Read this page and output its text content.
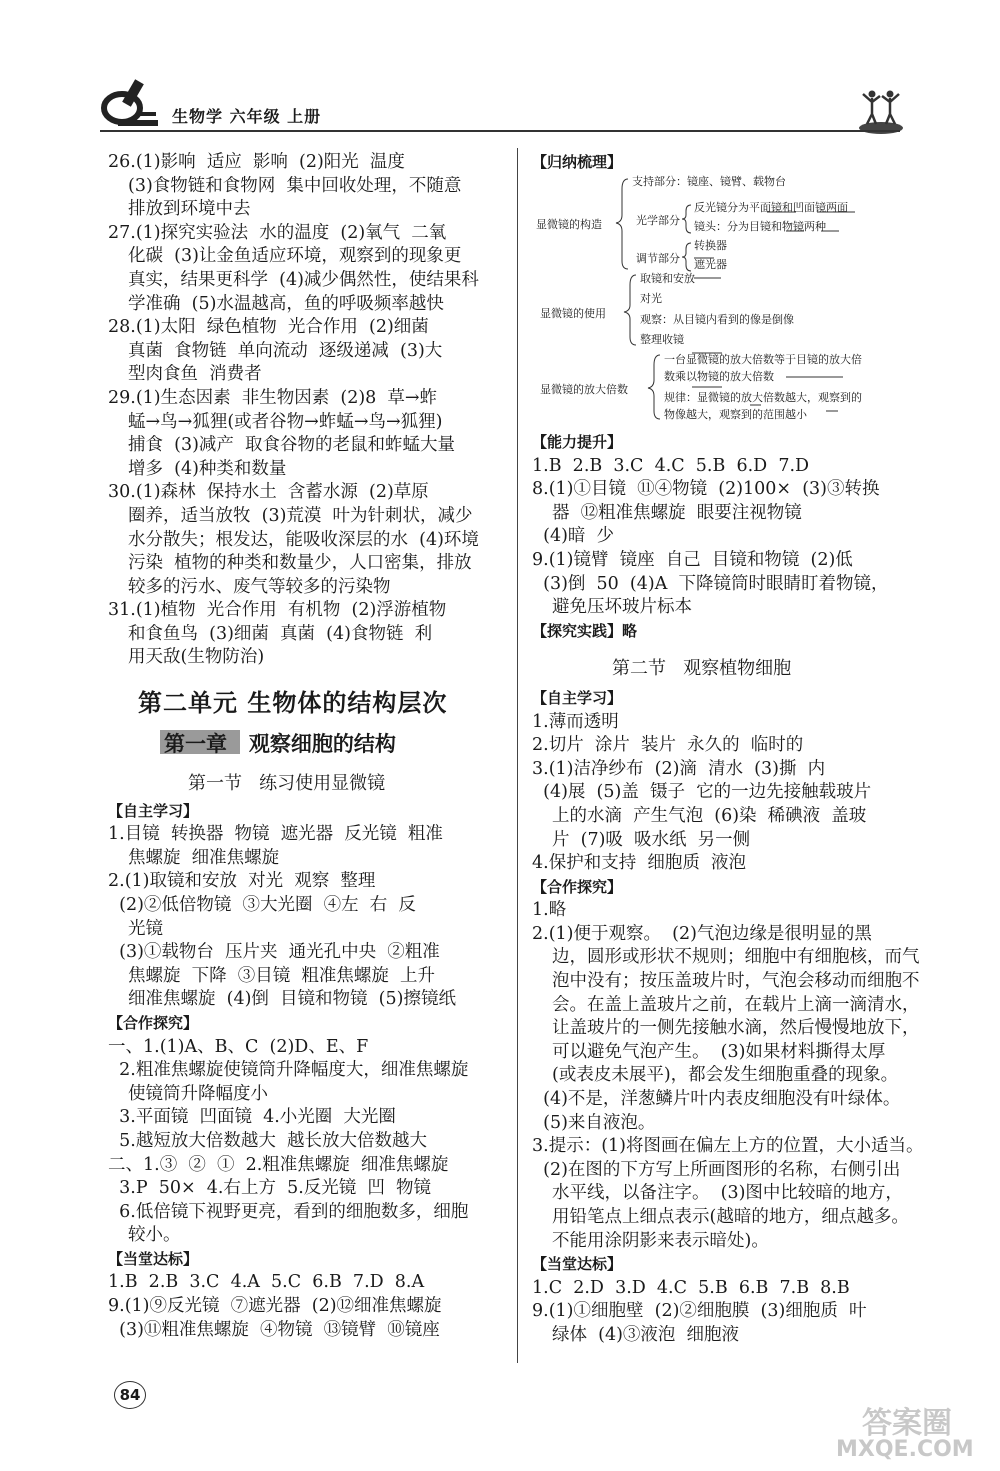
生物学 六年级 上册

26.(1)影响  适应  影响  (2)阳光  温度

(3)食物链和食物网  集中回收处理，不随意

排放到环境中去

27.(1)探究实验法  水的温度  (2)氧气  二氧

化碳  (3)让金鱼适应环境，观察到的现象更

真实，结果更科学  (4)减少偶然性，使结果科

学准确  (5)水温越高，鱼的呼吸频率越快

28.(1)太阳  绿色植物  光合作用  (2)细菌

真菌  食物链  单向流动  逐级递减  (3)大

型肉食鱼  消费者

29.(1)生态因素  非生物因素  (2)8  草→蚱

蜢→鸟→狐狸(或者谷物→蚱蜢→鸟→狐狸)

捕食  (3)减产  取食谷物的老鼠和蚱蜢大量

增多  (4)种类和数量

30.(1)森林  保持水土  含蓄水源  (2)草原

圈养，适当放牧  (3)荒漠  叶为针刺状，减少

水分散失；根发达，能吸收深层的水  (4)环境

污染  植物的种类和数量少，人口密集，排放

较多的污水、废气等较多的污染物

31.(1)植物  光合作用  有机物  (2)浮游植物

和食鱼鸟  (3)细菌  真菌  (4)食物链  利

用天敌(生物防治)

第二单元 生物体的结构层次
第一章   观察细胞的结构

第一节   练习使用显微镜

【自主学习】

1.目镜  转换器  物镜  遮光器  反光镜  粗准

焦螺旋  细准焦螺旋

2.(1)取镜和安放  对光  观察  整理

(2)②低倍物镜  ③大光圈  ④左  右  反

光镜

(3)①载物台  压片夹  通光孔中央  ②粗准

焦螺旋  下降  ③目镜  粗准焦螺旋  上升

细准焦螺旋  (4)倒  目镜和物镜  (5)擦镜纸

【合作探究】

一、1.(1)A、B、C  (2)D、E、F

2.粗准焦螺旋使镜筒升降幅度大，细准焦螺旋

使镜筒升降幅度小

3.平面镜  凹面镜  4.小光圈  大光圈

5.越短放大倍数越大  越长放大倍数越大

二、1.③  ②  ①  2.粗准焦螺旋  细准焦螺旋

3.P  50×  4.右上方  5.反光镜  凹  物镜

6.低倍镜下视野更亮，看到的细胞数多，细胞

较小。

【当堂达标】

1.B  2.B  3.C  4.A  5.C  6.B  7.D  8.A

9.(1)⑨反光镜  ⑦遮光器  (2)⑫细准焦螺旋

(3)⑪粗准焦螺旋  ④物镜  ⑬镜臂  ⑩镜座

【归纳梳理】

显微镜的构造
支持部分：镜座、镜臂、载物台
光学部分
反光镜分为平面镜和凹面镜两面
镜头：分为目镜和物镜两种
调节部分
转换器
遮光器
显微镜的使用
取镜和安放
对光
观察：从目镜内看到的像是倒像
整理收镜
显微镜的放大倍数
一台显微镜的放大倍数等于目镜的放大倍
数乘以物镜的放大倍数
规律：显微镜的放大倍数越大，观察到的
物像越大，观察到的范围越小

【能力提升】

1.B  2.B  3.C  4.C  5.B  6.D  7.D

8.(1)①目镜  ⑪④物镜  (2)100×  (3)③转换

器  ⑫粗准焦螺旋  眼要注视物镜

(4)暗  少

9.(1)镜臂  镜座  自己  目镜和物镜  (2)低

(3)倒  50  (4)A  下降镜筒时眼睛盯着物镜，

避免压坏玻片标本

【探究实践】略

第二节   观察植物细胞

【自主学习】

1.薄而透明

2.切片  涂片  装片  永久的  临时的

3.(1)洁净纱布  (2)滴  清水  (3)撕  内

(4)展  (5)盖  镊子  它的一边先接触载玻片

上的水滴  产生气泡  (6)染  稀碘液  盖玻

片  (7)吸  吸水纸  另一侧

4.保护和支持  细胞质  液泡

【合作探究】

1.略

2.(1)便于观察。  (2)气泡边缘是很明显的黑

边，圆形或形状不规则；细胞中有细胞核，而气

泡中没有；按压盖玻片时，气泡会移动而细胞不

会。在盖上盖玻片之前，在载片上滴一滴清水，

让盖玻片的一侧先接触水滴，然后慢慢地放下，

可以避免气泡产生。  (3)如果材料撕得太厚

(或表皮未展平)，都会发生细胞重叠的现象。

(4)不是，洋葱鳞片叶内表皮细胞没有叶绿体。

(5)来自液泡。

3.提示：(1)将图画在偏左上方的位置，大小适当。

(2)在图的下方写上所画图形的名称，右侧引出

水平线，以备注字。  (3)图中比较暗的地方，

用铅笔点上细点表示(越暗的地方，细点越多。

不能用涂阴影来表示暗处)。

【当堂达标】

1.C  2.D  3.D  4.C  5.B  6.B  7.B  8.B

9.(1)①细胞壁  (2)②细胞膜  (3)细胞质  叶

绿体  (4)③液泡  细胞液

84
答案圈
MXQE.COM
